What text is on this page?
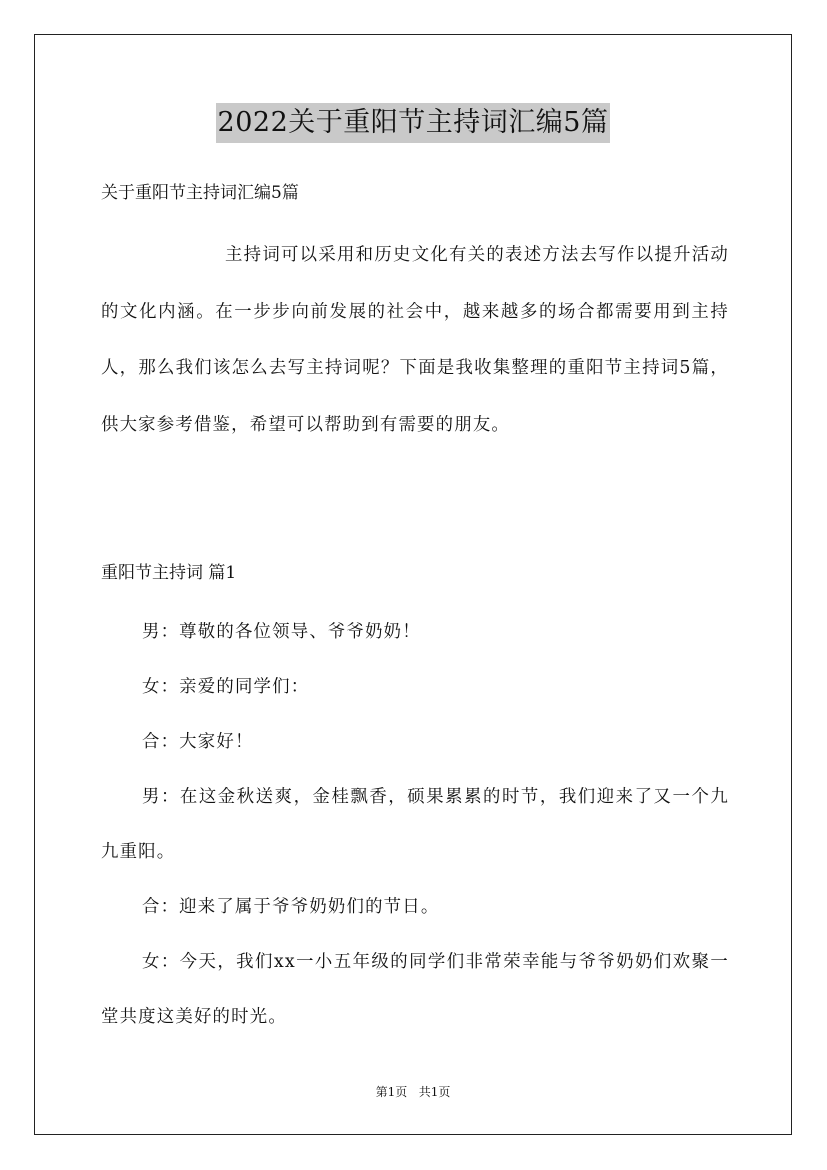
2022关于重阳节主持词汇编5篇
关于重阳节主持词汇编5篇
主持词可以采用和历史文化有关的表述方法去写作以提升活动的文化内涵。在一步步向前发展的社会中，越来越多的场合都需要用到主持人，那么我们该怎么去写主持词呢？下面是我收集整理的重阳节主持词5篇，供大家参考借鉴，希望可以帮助到有需要的朋友。
重阳节主持词 篇1

男：尊敬的各位领导、爷爷奶奶！

女：亲爱的同学们：

合：大家好！

男：在这金秋送爽，金桂飘香，硕果累累的时节，我们迎来了又一个九九重阳。

合：迎来了属于爷爷奶奶们的节日。

女：今天，我们xx一小五年级的同学们非常荣幸能与爷爷奶奶们欢聚一堂共度这美好的时光。

第1页 共1页
